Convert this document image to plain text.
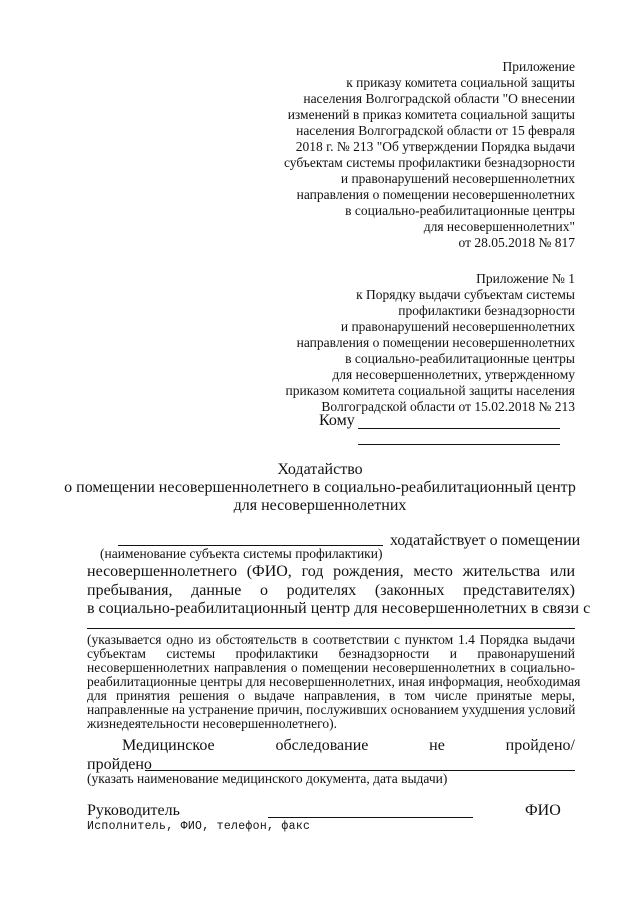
Приложение
к приказу комитета социальной защиты
населения Волгоградской области "О внесении
изменений в приказ комитета социальной защиты
населения Волгоградской области от 15 февраля
2018 г. № 213 "Об утверждении Порядка выдачи
субъектам системы профилактики безнадзорности
и правонарушений несовершеннолетних
направления о помещении несовершеннолетних
в социально-реабилитационные центры
для несовершеннолетних"
от 28.05.2018 № 817
Приложение № 1
к Порядку выдачи субъектам системы
профилактики безнадзорности
и правонарушений несовершеннолетних
направления о помещении несовершеннолетних
в социально-реабилитационные центры
для несовершеннолетних, утвержденному
приказом комитета социальной защиты населения
Волгоградской области от 15.02.2018 № 213
Кому
Ходатайство
о помещении несовершеннолетнего в социально-реабилитационный центр
для несовершеннолетних
ходатайствует о помещении
(наименование субъекта системы профилактики)
несовершеннолетнего (ФИО, год рождения, место жительства или
пребывания, данные о родителях (законных представителях)
в социально-реабилитационный центр для несовершеннолетних в связи с
(указывается одно из обстоятельств в соответствии с пунктом 1.4 Порядка выдачи
субъектам системы профилактики безнадзорности и правонарушений
несовершеннолетних направления о помещении несовершеннолетних в социально-
реабилитационные центры для несовершеннолетних, иная информация, необходимая
для принятия решения о выдаче направления, в том числе принятые меры,
направленные на устранение причин, послуживших основанием ухудшения условий
жизнедеятельности несовершеннолетнего).
Медицинское обследование не пройдено/
пройдено
(указать наименование медицинского документа, дата выдачи)
Руководитель	ФИО
Исполнитель, ФИО, телефон, факс
